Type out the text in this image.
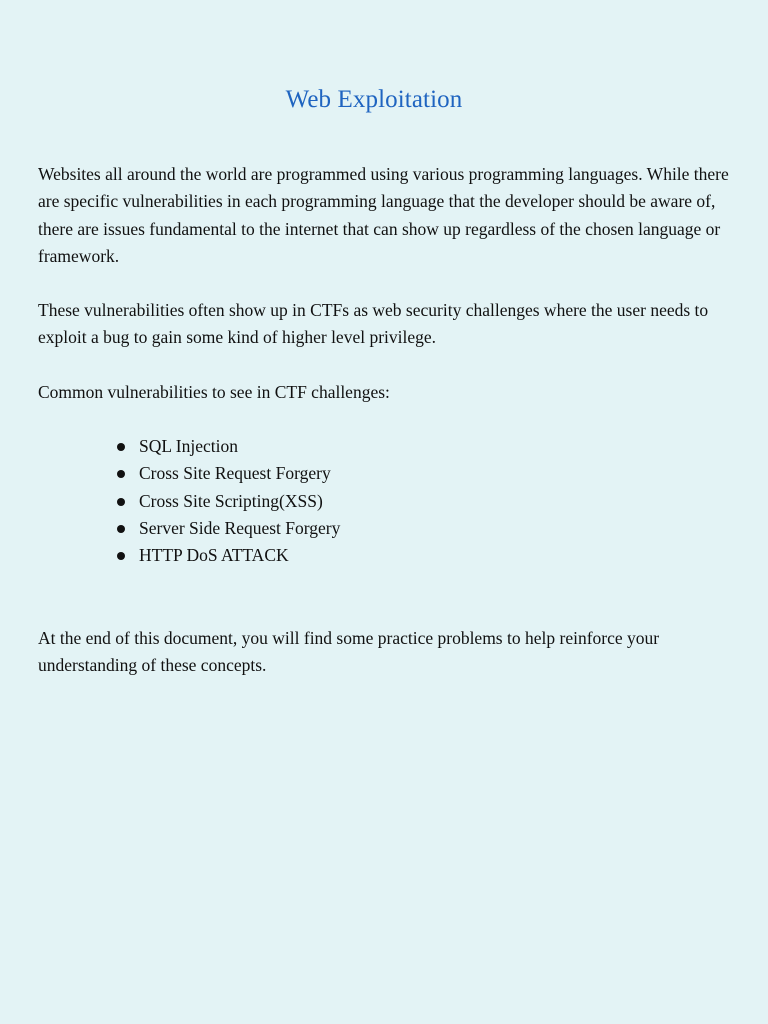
Web Exploitation

Websites all around the world are programmed using various programming languages. While there are specific vulnerabilities in each programming language that the developer should be aware of, there are issues fundamental to the internet that can show up regardless of the chosen language or framework.

These vulnerabilities often show up in CTFs as web security challenges where the user needs to exploit a bug to gain some kind of higher level privilege.

Common vulnerabilities to see in CTF challenges:

SQL Injection
Cross Site Request Forgery
Cross Site Scripting(XSS)
Server Side Request Forgery
HTTP DoS ATTACK

At the end of this document, you will find some practice problems to help reinforce your understanding of these concepts.
